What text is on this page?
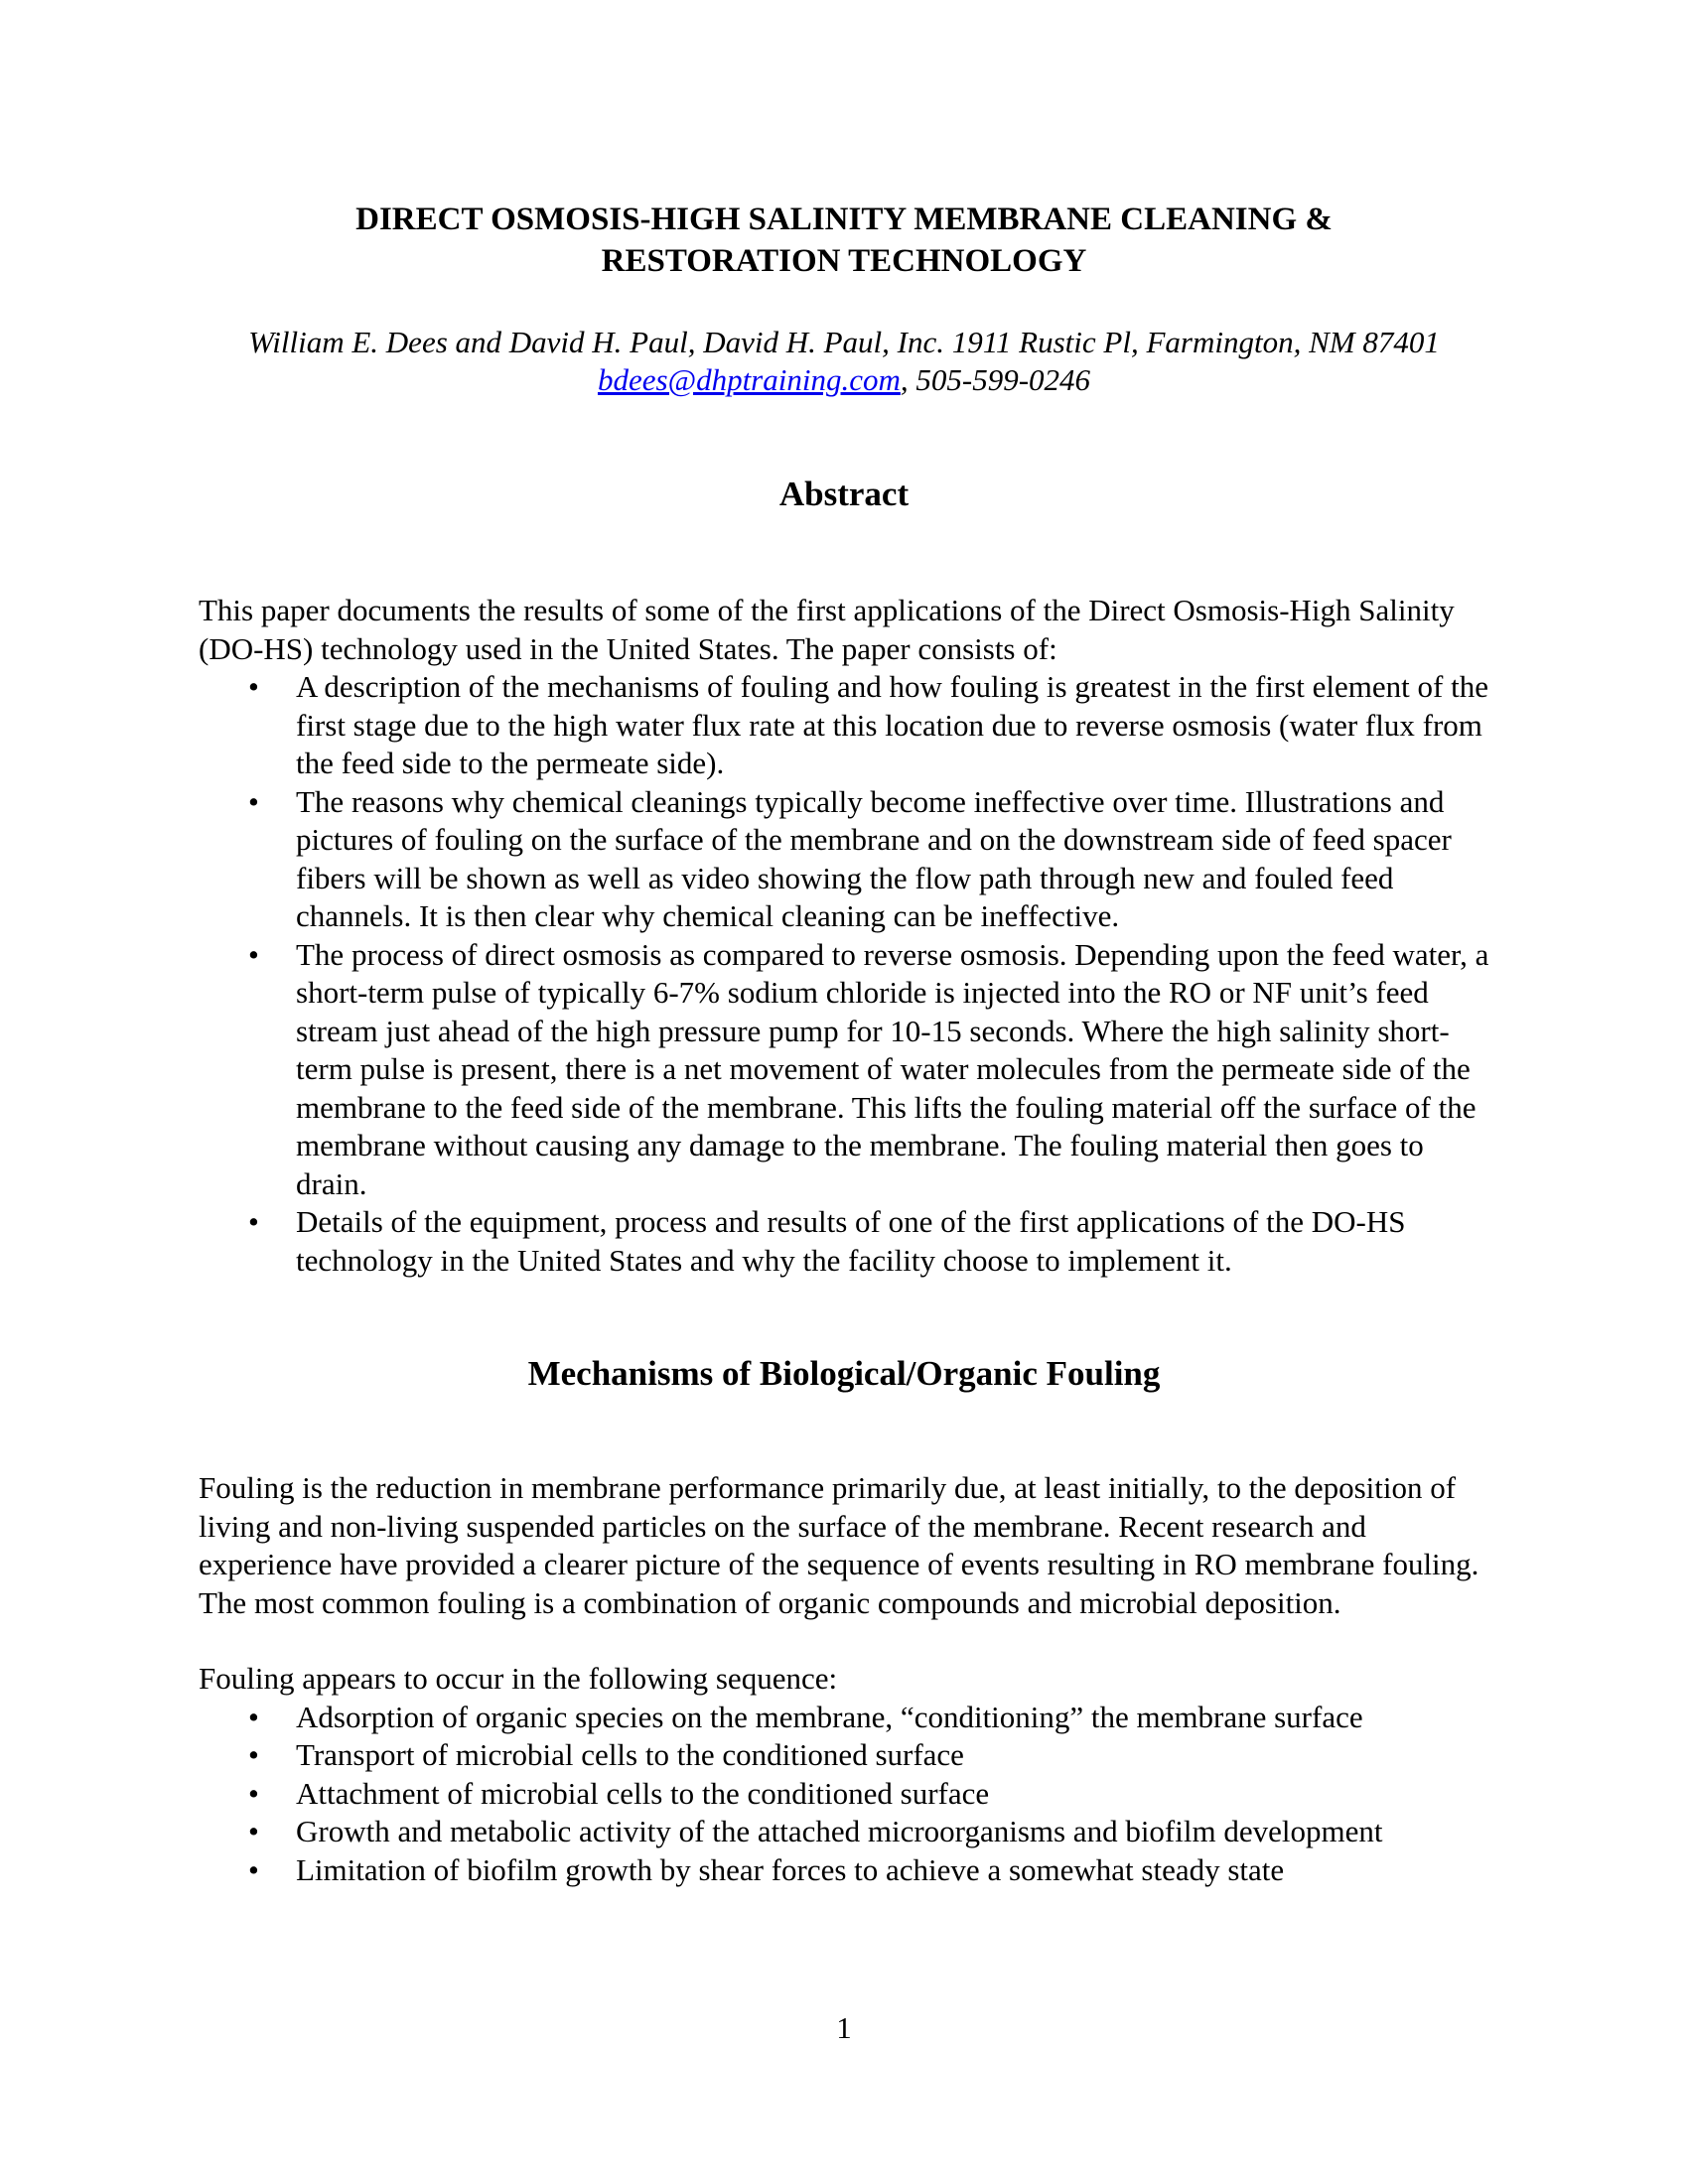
DIRECT OSMOSIS-HIGH SALINITY MEMBRANE CLEANING &
RESTORATION TECHNOLOGY
William E. Dees and David H. Paul, David H. Paul, Inc. 1911 Rustic Pl, Farmington, NM 87401
bdees@dhptraining.com, 505-599-0246
Abstract

This paper documents the results of some of the first applications of the Direct Osmosis-High Salinity (DO-HS) technology used in the United States. The paper consists of:

• A description of the mechanisms of fouling and how fouling is greatest in the first element of the first stage due to the high water flux rate at this location due to reverse osmosis (water flux from the feed side to the permeate side).
• The reasons why chemical cleanings typically become ineffective over time. Illustrations and pictures of fouling on the surface of the membrane and on the downstream side of feed spacer fibers will be shown as well as video showing the flow path through new and fouled feed channels. It is then clear why chemical cleaning can be ineffective.
• The process of direct osmosis as compared to reverse osmosis. Depending upon the feed water, a short-term pulse of typically 6-7% sodium chloride is injected into the RO or NF unit’s feed stream just ahead of the high pressure pump for 10-15 seconds. Where the high salinity short-term pulse is present, there is a net movement of water molecules from the permeate side of the membrane to the feed side of the membrane. This lifts the fouling material off the surface of the membrane without causing any damage to the membrane. The fouling material then goes to drain.
• Details of the equipment, process and results of one of the first applications of the DO-HS technology in the United States and why the facility choose to implement it.
Mechanisms of Biological/Organic Fouling

Fouling is the reduction in membrane performance primarily due, at least initially, to the deposition of living and non-living suspended particles on the surface of the membrane. Recent research and experience have provided a clearer picture of the sequence of events resulting in RO membrane fouling. The most common fouling is a combination of organic compounds and microbial deposition.

Fouling appears to occur in the following sequence:

• Adsorption of organic species on the membrane, “conditioning” the membrane surface
• Transport of microbial cells to the conditioned surface
• Attachment of microbial cells to the conditioned surface
• Growth and metabolic activity of the attached microorganisms and biofilm development
• Limitation of biofilm growth by shear forces to achieve a somewhat steady state
1
